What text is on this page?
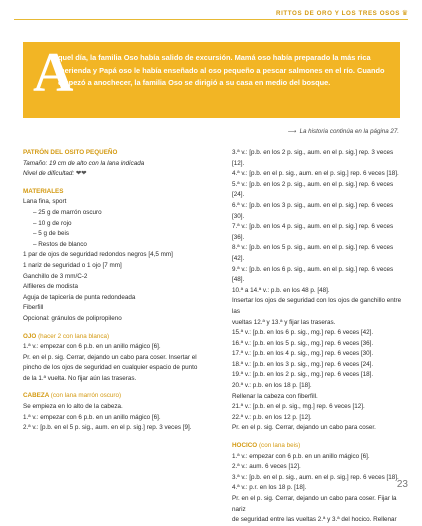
RITTOS DE ORO Y LOS TRES OSOS ♛
A
quel día, la familia Oso había salido de excursión. Mamá oso había preparado la más rica merienda y Papá oso le había enseñado al oso pequeño a pescar salmones en el río. Cuando empezó a anochecer, la familia Oso se dirigió a su casa en medio del bosque.
⟶ La historia continúa en la página 27.

PATRÓN DEL OSITO PEQUEÑO

Tamaño: 19 cm de alto con la lana indicada

Nivel de dificultad: ❤❤

MATERIALES

Lana fina, sport

– 25 g de marrón oscuro

– 10 g de rojo

– 5 g de beis

– Restos de blanco

1 par de ojos de seguridad redondos negros [4,5 mm]

1 nariz de seguridad o 1 ojo [7 mm]

Ganchillo de 3 mm/C-2

Alfileres de modista

Aguja de tapicería de punta redondeada

Fiberfill

Opcional: gránulos de polipropileno

OJO (hacer 2 con lana blanca)

1.ª v.: empezar con 6 p.b. en un anillo mágico [6].

Pr. en el p. sig. Cerrar, dejando un cabo para coser. Insertar el

pincho de los ojos de seguridad en cualquier espacio de punto

de la 1.ª vuelta. No fijar aún las traseras.

CABEZA (con lana marrón oscuro)

Se empieza en lo alto de la cabeza.

1.ª v.: empezar con 6 p.b. en un anillo mágico [6].

2.ª v.: [p.b. en el 5 p. sig., aum. en el p. sig.] rep. 3 veces [9].

3.ª v.: [p.b. en los 2 p. sig., aum. en el p. sig.] rep. 3 veces [12].

4.ª v.: [p.b. en el p. sig., aum. en el p. sig.] rep. 6 veces [18].

5.ª v.: [p.b. en los 2 p. sig., aum. en el p. sig.] rep. 6 veces [24].

6.ª v.: [p.b. en los 3 p. sig., aum. en el p. sig.] rep. 6 veces [30].

7.ª v.: [p.b. en los 4 p. sig., aum. en el p. sig.] rep. 6 veces [36].

8.ª v.: [p.b. en los 5 p. sig., aum. en el p. sig.] rep. 6 veces [42].

9.ª v.: [p.b. en los 6 p. sig., aum. en el p. sig.] rep. 6 veces [48].

10.ª a 14.ª v.: p.b. en los 48 p. [48].

Insertar los ojos de seguridad con los ojos de ganchillo entre las

vueltas 12.ª y 13.ª y fijar las traseras.

15.ª v.: [p.b. en los 6 p. sig., mg.] rep. 6 veces [42].

16.ª v.: [p.b. en los 5 p. sig., mg.] rep. 6 veces [36].

17.ª v.: [p.b. en los 4 p. sig., mg.] rep. 6 veces [30].

18.ª v.: [p.b. en los 3 p. sig., mg.] rep. 6 veces [24].

19.ª v.: [p.b. en los 2 p. sig., mg.] rep. 6 veces [18].

20.ª v.: p.b. en los 18 p. [18].

Rellenar la cabeza con fiberfill.

21.ª v.: [p.b. en el p. sig., mg.] rep. 6 veces [12].

22.ª v.: p.b. en los 12 p. [12].

Pr. en el p. sig. Cerrar, dejando un cabo para coser.

HOCICO (con lana beis)

1.ª v.: empezar con 6 p.b. en un anillo mágico [6].

2.ª v.: aum. 6 veces [12].

3.ª v.: [p.b. en el p. sig., aum. en el p. sig.] rep. 6 veces [18].

4.ª v.: p.r. en los 18 p. [18].

Pr. en el p. sig. Cerrar, dejando un cabo para coser. Fijar la nariz

de seguridad entre las vueltas 2.ª y 3.ª del hocico. Rellenar

23
